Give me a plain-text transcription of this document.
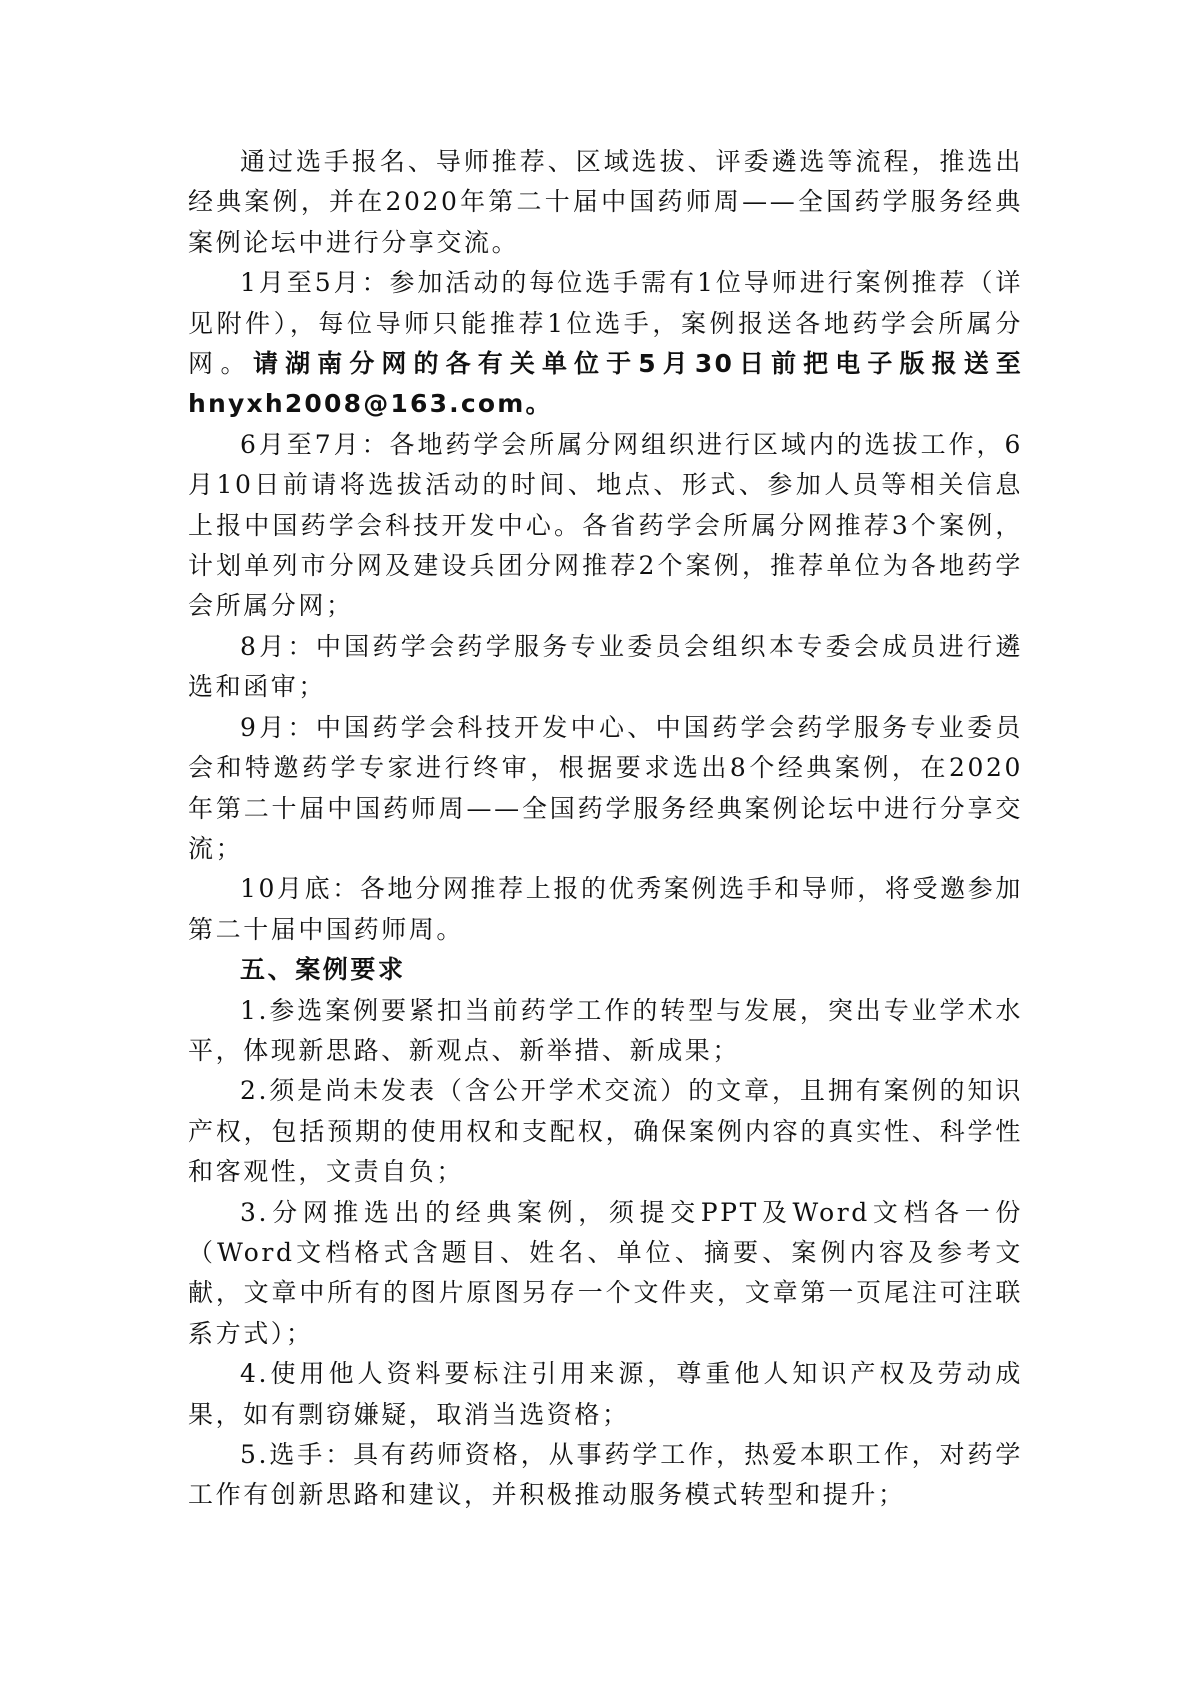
通过选手报名、导师推荐、区域选拔、评委遴选等流程，推选出经典案例，并在2020年第二十届中国药师周——全国药学服务经典案例论坛中进行分享交流。

1月至5月：参加活动的每位选手需有1位导师进行案例推荐（详见附件），每位导师只能推荐1位选手，案例报送各地药学会所属分网。请湖南分网的各有关单位于5月30日前把电子版报送至hnyxh2008@163.com。

6月至7月：各地药学会所属分网组织进行区域内的选拔工作，6月10日前请将选拔活动的时间、地点、形式、参加人员等相关信息上报中国药学会科技开发中心。各省药学会所属分网推荐3个案例，计划单列市分网及建设兵团分网推荐2个案例，推荐单位为各地药学会所属分网；

8月：中国药学会药学服务专业委员会组织本专委会成员进行遴选和函审；

9月：中国药学会科技开发中心、中国药学会药学服务专业委员会和特邀药学专家进行终审，根据要求选出8个经典案例，在2020年第二十届中国药师周——全国药学服务经典案例论坛中进行分享交流；

10月底：各地分网推荐上报的优秀案例选手和导师，将受邀参加第二十届中国药师周。

五、案例要求

1.参选案例要紧扣当前药学工作的转型与发展，突出专业学术水平，体现新思路、新观点、新举措、新成果；

2.须是尚未发表（含公开学术交流）的文章，且拥有案例的知识产权，包括预期的使用权和支配权，确保案例内容的真实性、科学性和客观性，文责自负；

3.分网推选出的经典案例，须提交PPT及Word文档各一份（Word文档格式含题目、姓名、单位、摘要、案例内容及参考文献，文章中所有的图片原图另存一个文件夹，文章第一页尾注可注联系方式）；

4.使用他人资料要标注引用来源，尊重他人知识产权及劳动成果，如有剽窃嫌疑，取消当选资格；

5.选手：具有药师资格，从事药学工作，热爱本职工作，对药学工作有创新思路和建议，并积极推动服务模式转型和提升；
